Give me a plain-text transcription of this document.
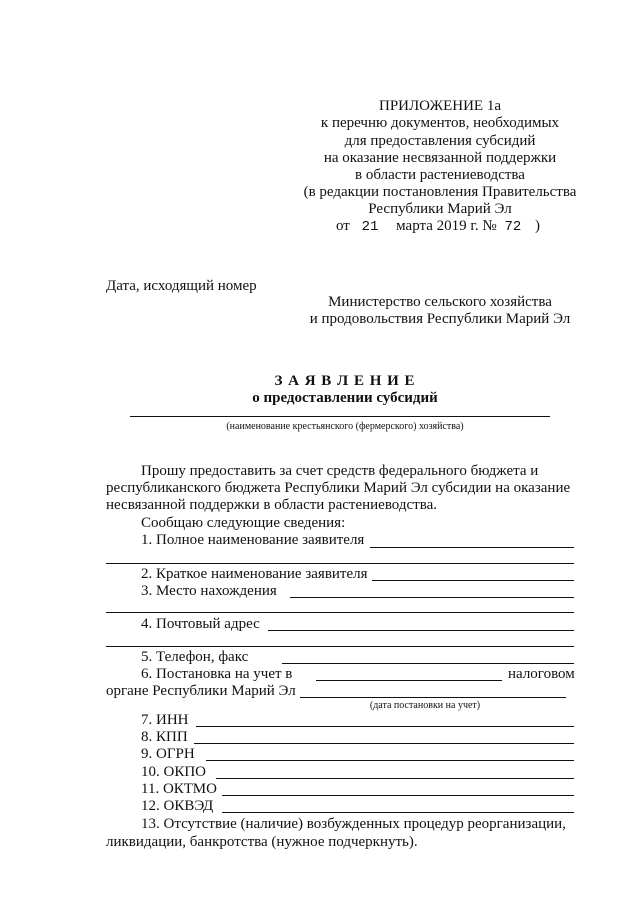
ПРИЛОЖЕНИЕ 1а
к перечню документов, необходимых
для предоставления субсидий
на оказание несвязанной поддержки
в области растениеводства
(в редакции постановления Правительства
Республики Марий Эл
от 21 марта 2019 г. № 72 )
Дата, исходящий номер
Министерство сельского хозяйства
и продовольствия Республики Марий Эл
З А Я В Л Е Н И Е
о предоставлении субсидий
(наименование крестьянского (фермерского) хозяйства)
Прошу предоставить за счет средств федерального бюджета и
республиканского бюджета Республики Марий Эл субсидии на оказание
несвязанной поддержки в области растениеводства.
Сообщаю следующие сведения:
1. Полное наименование заявителя
2. Краткое наименование заявителя
3. Место нахождения
4. Почтовый адрес
5. Телефон, факс
6. Постановка на учет в	налоговом
органе Республики Марий Эл
(дата постановки на учет)
7. ИНН
8. КПП
9. ОГРН
10. ОКПО
11. ОКТМО
12. ОКВЭД
13. Отсутствие (наличие) возбужденных процедур реорганизации,
ликвидации, банкротства (нужное подчеркнуть).
